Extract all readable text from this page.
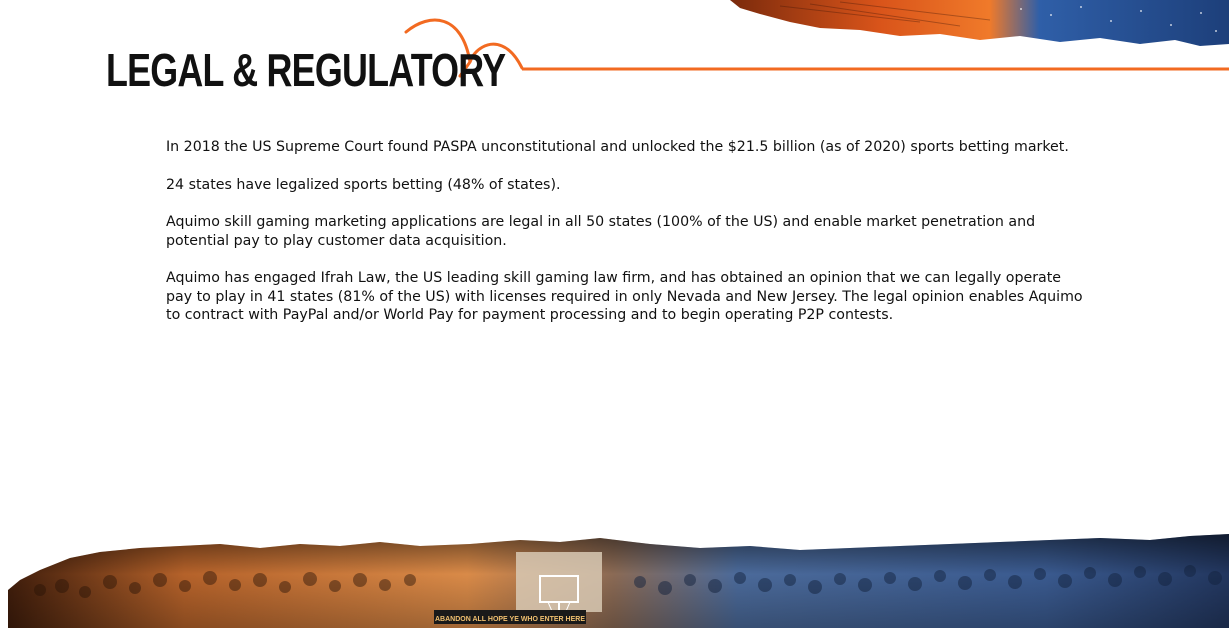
LEGAL & REGULATORY

In 2018 the US Supreme Court found PASPA unconstitutional and unlocked the $21.5 billion (as of 2020) sports betting market.

24 states have legalized sports betting (48% of states).

Aquimo skill gaming marketing applications are legal in all 50 states (100% of the US) and enable market penetration and potential pay to play customer data acquisition.

Aquimo has engaged Ifrah Law, the US leading skill gaming law firm, and has obtained an opinion that we can legally operate pay to play in 41 states (81% of the US) with licenses required in only Nevada and New Jersey. The legal opinion enables Aquimo to contract with PayPal and/or World Pay for payment processing and to begin operating P2P contests.

ABANDON ALL HOPE YE WHO ENTER HERE
